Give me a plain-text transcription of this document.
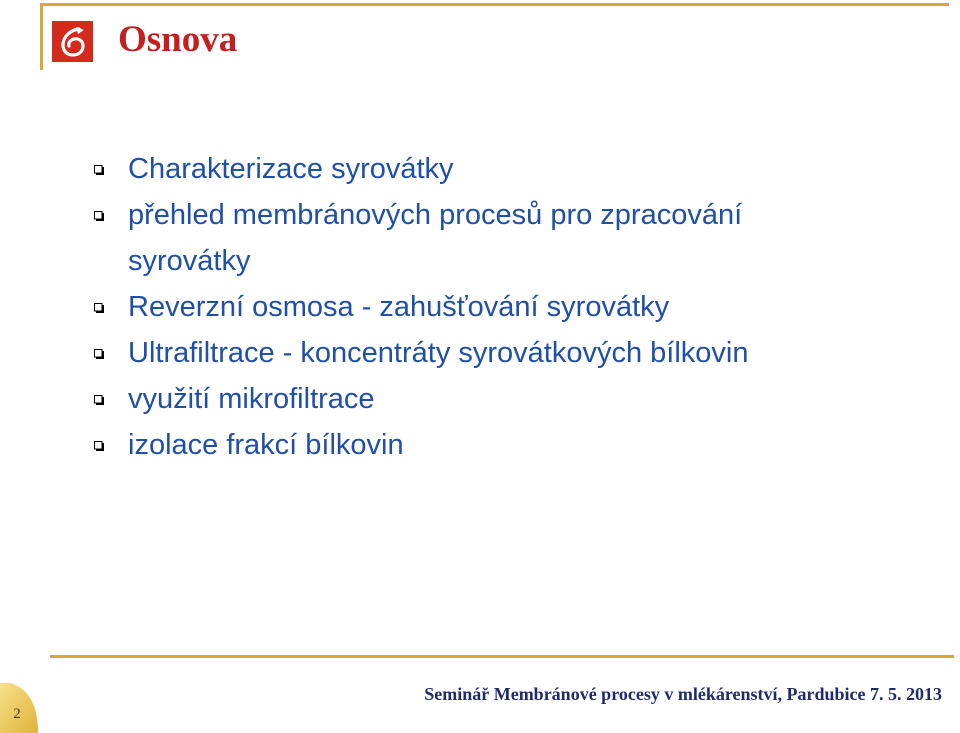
Osnova
Charakterizace syrovátky
přehled membránových procesů pro zpracování syrovátky
Reverzní osmosa - zahušťování syrovátky
Ultrafiltrace - koncentráty syrovátkových bílkovin
využití mikrofiltrace
izolace frakcí bílkovin
Seminář Membránové procesy v mlékárenství, Pardubice 7. 5. 2013
2
